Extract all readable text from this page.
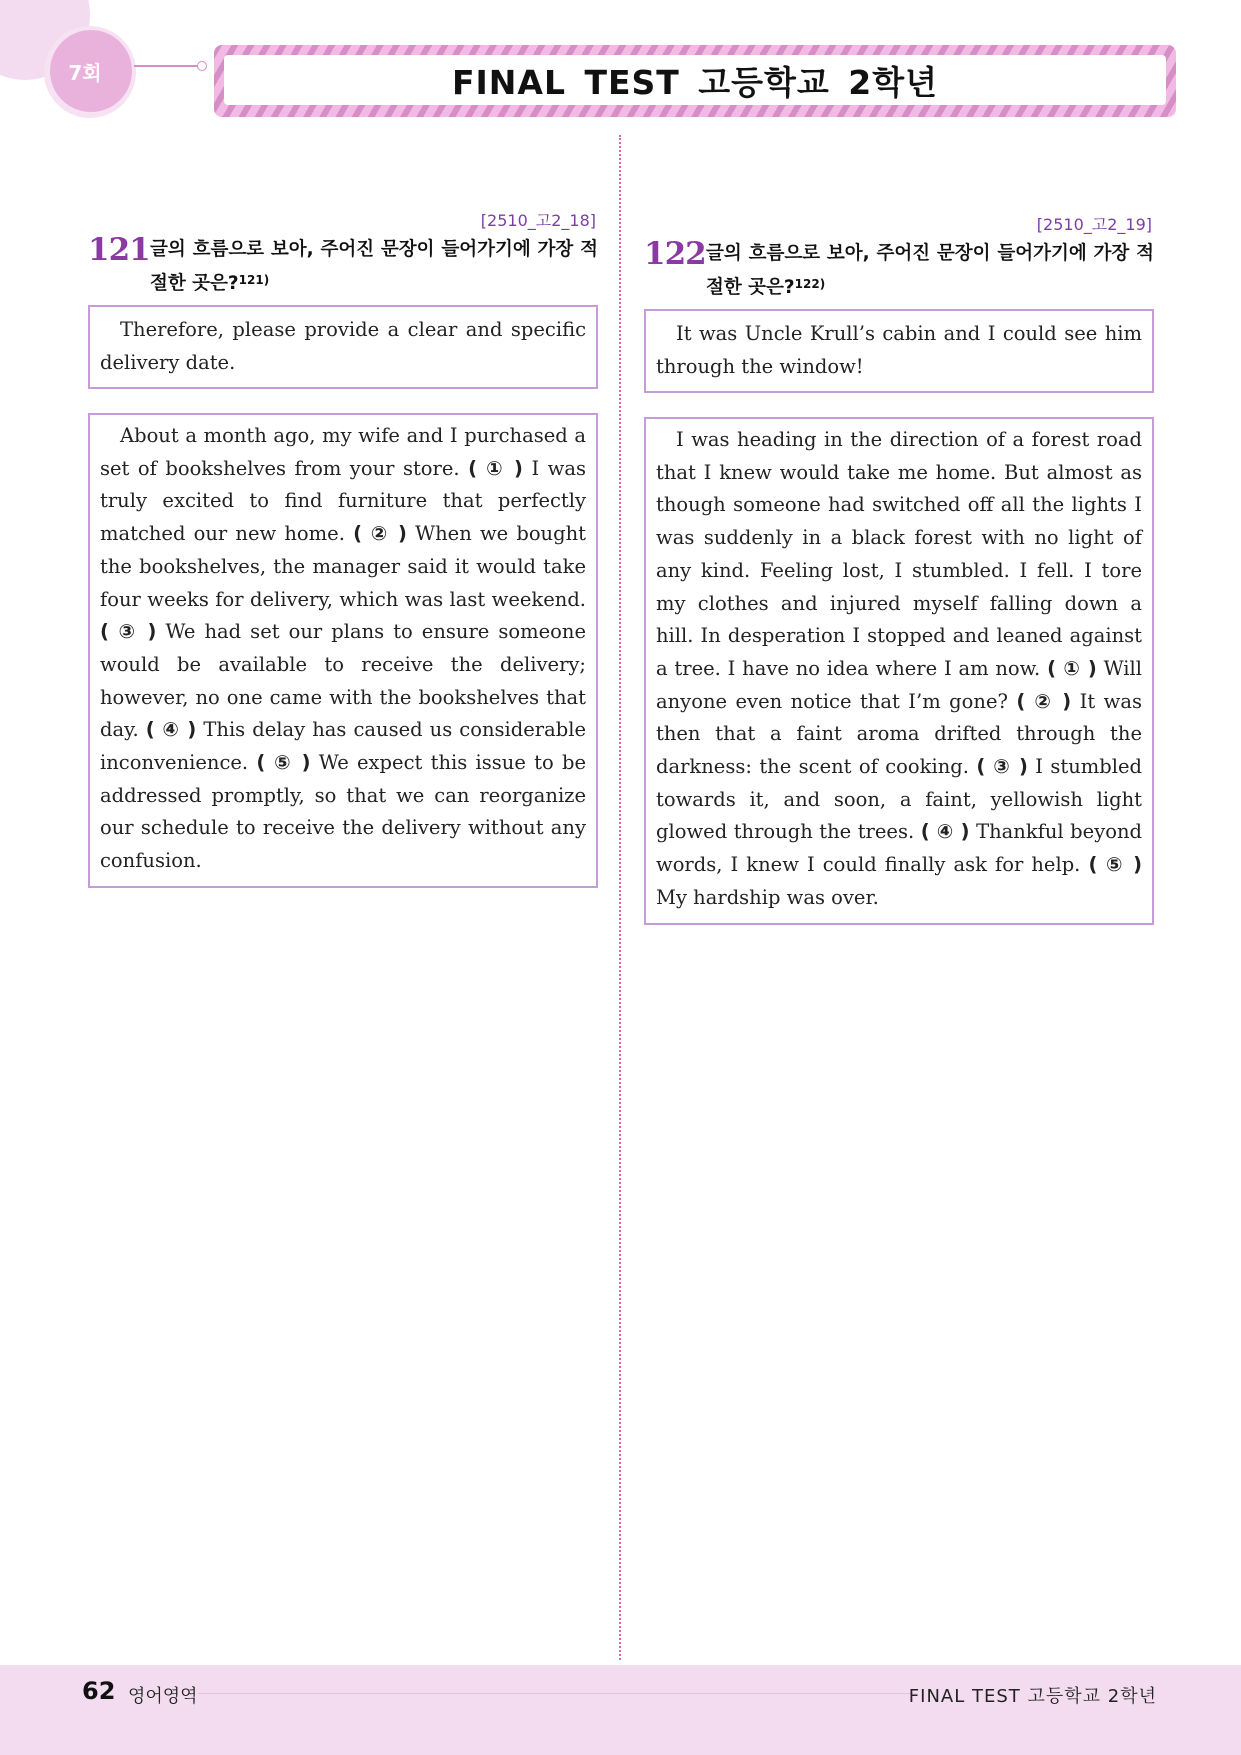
7회	FINAL TEST 고등학교 2학년
[2510_고2_18]
121 글의 흐름으로 보아, 주어진 문장이 들어가기에 가장 적절한 곳은?$^{121)}$
Therefore, please provide a clear and specific delivery date.
About a month ago, my wife and I purchased a set of bookshelves from your store. ( ① ) I was truly excited to find furniture that perfectly matched our new home. ( ② ) When we bought the bookshelves, the manager said it would take four weeks for delivery, which was last weekend. ( ③ ) We had set our plans to ensure someone would be available to receive the delivery; however, no one came with the bookshelves that day. ( ④ ) This delay has caused us considerable inconvenience. ( ⑤ ) We expect this issue to be addressed promptly, so that we can reorganize our schedule to receive the delivery without any confusion.
[2510_고2_19]
122 글의 흐름으로 보아, 주어진 문장이 들어가기에 가장 적절한 곳은?$^{122)}$
It was Uncle Krull’s cabin and I could see him through the window!
I was heading in the direction of a forest road that I knew would take me home. But almost as though someone had switched off all the lights I was suddenly in a black forest with no light of any kind. Feeling lost, I stumbled. I fell. I tore my clothes and injured myself falling down a hill. In desperation I stopped and leaned against a tree. I have no idea where I am now. ( ① ) Will anyone even notice that I’m gone? ( ② ) It was then that a faint aroma drifted through the darkness: the scent of cooking. ( ③ ) I stumbled towards it, and soon, a faint, yellowish light glowed through the trees. ( ④ ) Thankful beyond words, I knew I could finally ask for help. ( ⑤ ) My hardship was over.
62 영어영역	FINAL TEST 고등학교 2학년
